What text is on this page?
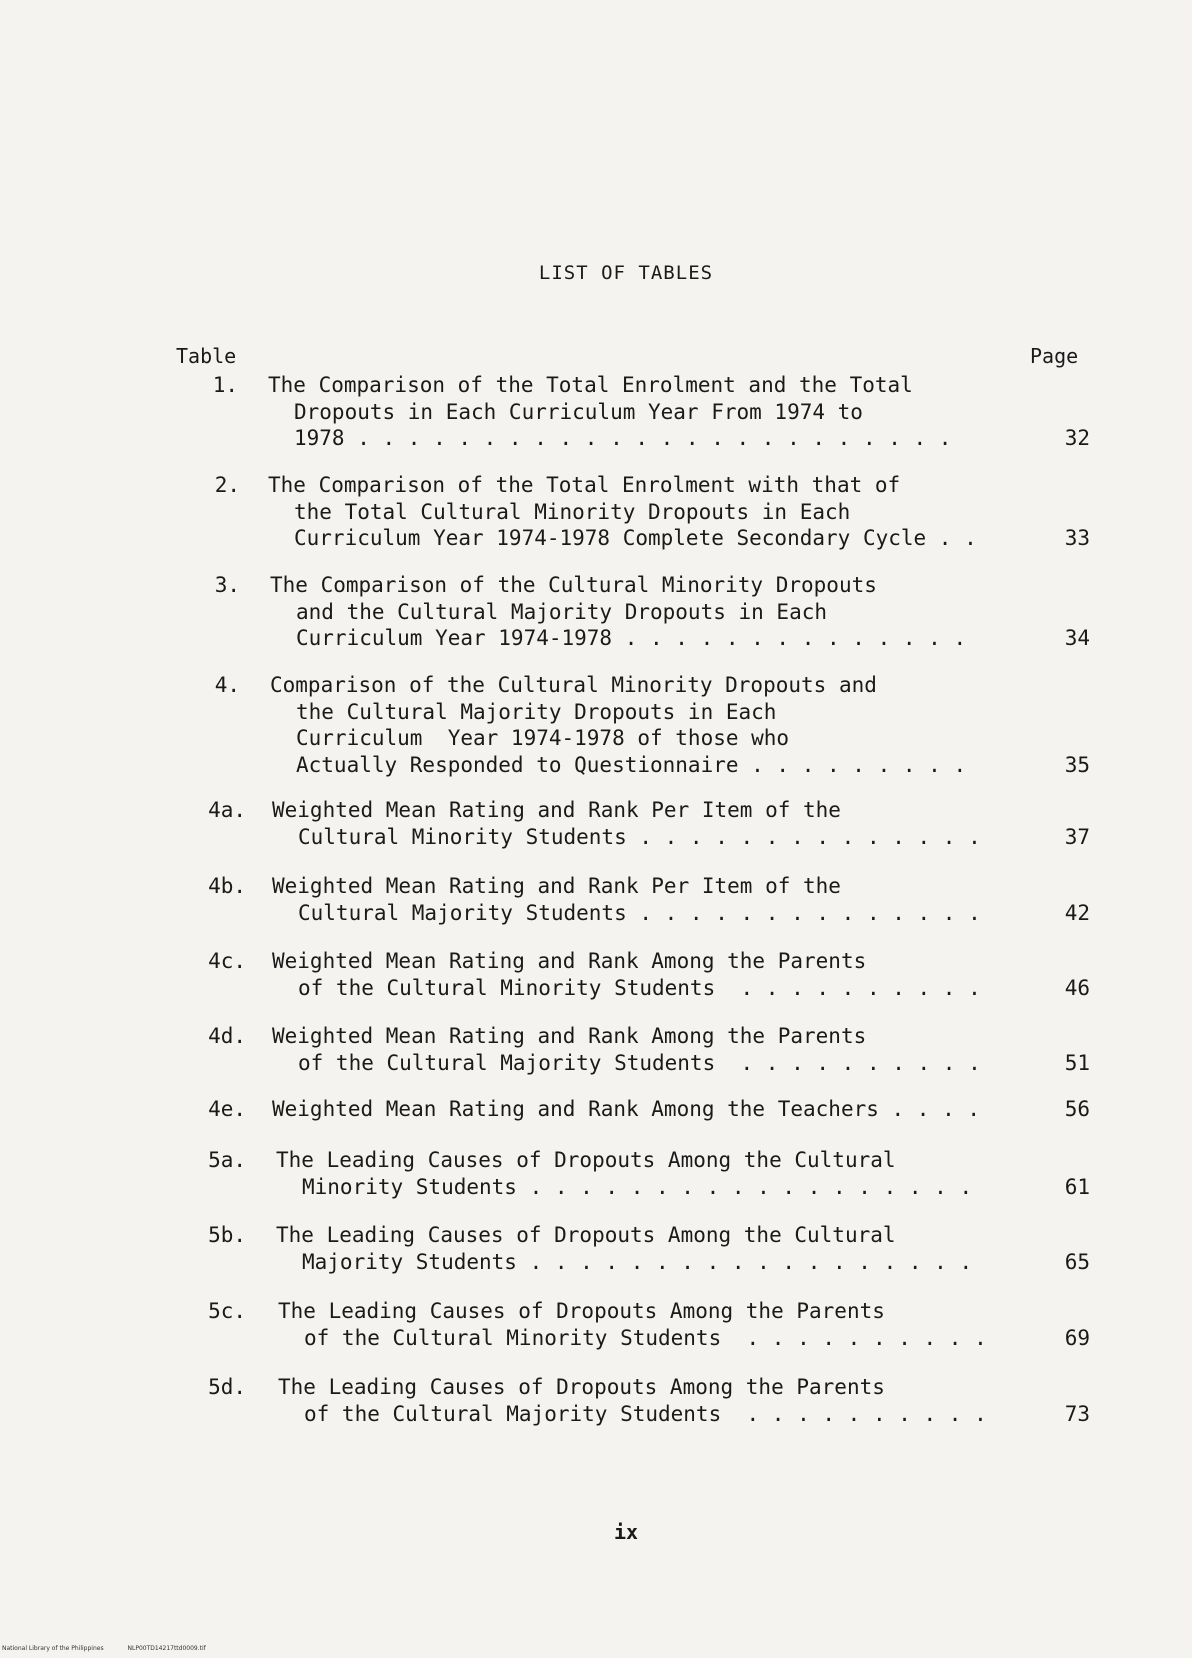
LIST OF TABLES
Table	Page
1. The Comparison of the Total Enrolment and the Total
Dropouts in Each Curriculum Year From 1974 to
1978 . . . . . . . . . . . . . . . . . . . . . . . .	32
2. The Comparison of the Total Enrolment with that of
the Total Cultural Minority Dropouts in Each
Curriculum Year 1974-1978 Complete Secondary Cycle . .	33
3. The Comparison of the Cultural Minority Dropouts
and the Cultural Majority Dropouts in Each
Curriculum Year 1974-1978 . . . . . . . . . . . . . .	34
4. Comparison of the Cultural Minority Dropouts and
the Cultural Majority Dropouts in Each
Curriculum  Year 1974-1978 of those who
Actually Responded to Questionnaire . . . . . . . . .	35
4a. Weighted Mean Rating and Rank Per Item of the
Cultural Minority Students . . . . . . . . . . . . . .	37
4b. Weighted Mean Rating and Rank Per Item of the
Cultural Majority Students . . . . . . . . . . . . . .	42
4c. Weighted Mean Rating and Rank Among the Parents
of the Cultural Minority Students  . . . . . . . . . .	46
4d. Weighted Mean Rating and Rank Among the Parents
of the Cultural Majority Students  . . . . . . . . . .	51
4e. Weighted Mean Rating and Rank Among the Teachers . . . .	56
5a. The Leading Causes of Dropouts Among the Cultural
Minority Students . . . . . . . . . . . . . . . . . .	61
5b. The Leading Causes of Dropouts Among the Cultural
Majority Students . . . . . . . . . . . . . . . . . .	65
5c. The Leading Causes of Dropouts Among the Parents
of the Cultural Minority Students  . . . . . . . . . .	69
5d. The Leading Causes of Dropouts Among the Parents
of the Cultural Majority Students  . . . . . . . . . .	73
ix
National Library of the Philippines	NLP00TD14217ttd0009.tif
